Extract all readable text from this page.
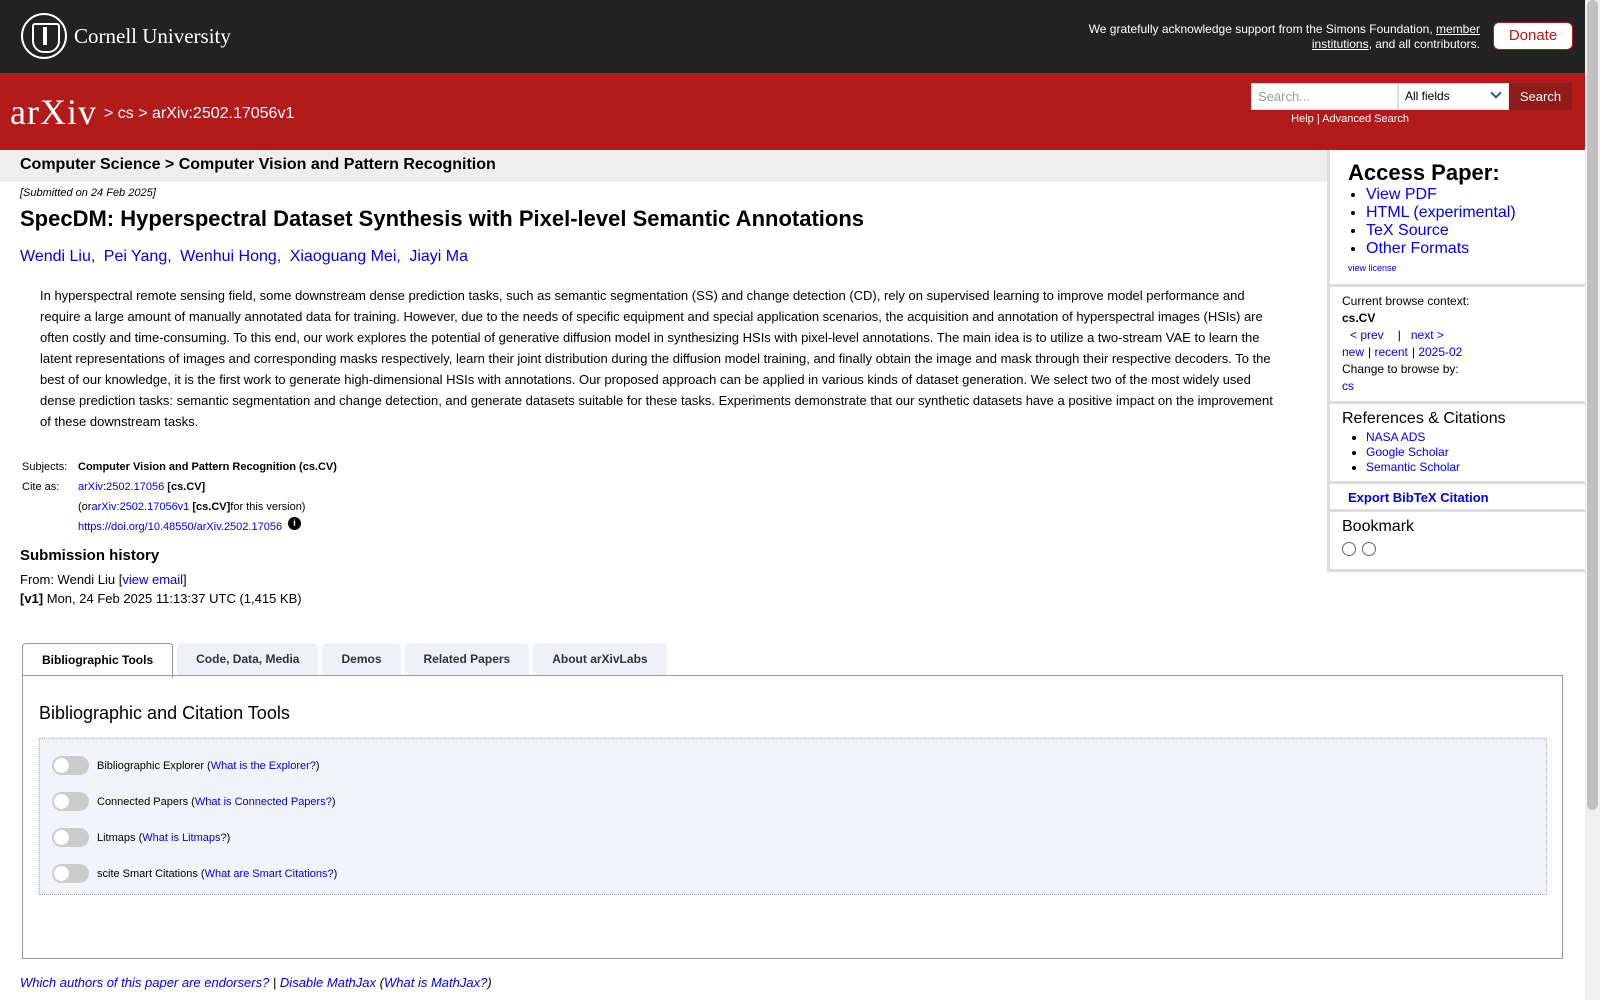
Cornell University	We gratefully acknowledge support from the Simons Foundation, member institutions, and all contributors.	Donate
arXiv > cs > arXiv:2502.17056v1
Search...	All fields	Search
Help | Advanced Search
Computer Science > Computer Vision and Pattern Recognition
[Submitted on 24 Feb 2025]
SpecDM: Hyperspectral Dataset Synthesis with Pixel-level Semantic Annotations
Wendi Liu, Pei Yang, Wenhui Hong, Xiaoguang Mei, Jiayi Ma
In hyperspectral remote sensing field, some downstream dense prediction tasks, such as semantic segmentation (SS) and change detection (CD), rely on supervised learning to improve model performance and require a large amount of manually annotated data for training. However, due to the needs of specific equipment and special application scenarios, the acquisition and annotation of hyperspectral images (HSIs) are often costly and time-consuming. To this end, our work explores the potential of generative diffusion model in synthesizing HSIs with pixel-level annotations. The main idea is to utilize a two-stream VAE to learn the latent representations of images and corresponding masks respectively, learn their joint distribution during the diffusion model training, and finally obtain the image and mask through their respective decoders. To the best of our knowledge, it is the first work to generate high-dimensional HSIs with annotations. Our proposed approach can be applied in various kinds of dataset generation. We select two of the most widely used dense prediction tasks: semantic segmentation and change detection, and generate datasets suitable for these tasks. Experiments demonstrate that our synthetic datasets have a positive impact on the improvement of these downstream tasks.
Subjects: Computer Vision and Pattern Recognition (cs.CV)
Cite as:	arXiv:2502.17056
[cs.CV]
(or arXiv:2502.17056v1
[cs.CV] for this version)
https://doi.org/10.48550/arXiv.2502.17056	i
Submission history
From: Wendi Liu [view email]
[v1] Mon, 24 Feb 2025 11:13:37 UTC (1,415 KB)
Access Paper:
• View PDF
• HTML (experimental)
• TeX Source
• Other Formats
view license
Current browse context:
cs.CV
< prev | next >
new | recent | 2025-02
Change to browse by:
cs
References & Citations
• NASA ADS
• Google Scholar
• Semantic Scholar
Export BibTeX Citation
Bookmark
Bibliographic Tools	Code, Data, Media	Demos	Related Papers	About arXivLabs
Bibliographic and Citation Tools
Bibliographic Explorer ( What is the Explorer? )
Connected Papers ( What is Connected Papers? )
Litmaps ( What is Litmaps? )
scite Smart Citations ( What are Smart Citations? )
Which authors of this paper are endorsers? | Disable MathJax (What is MathJax?)
